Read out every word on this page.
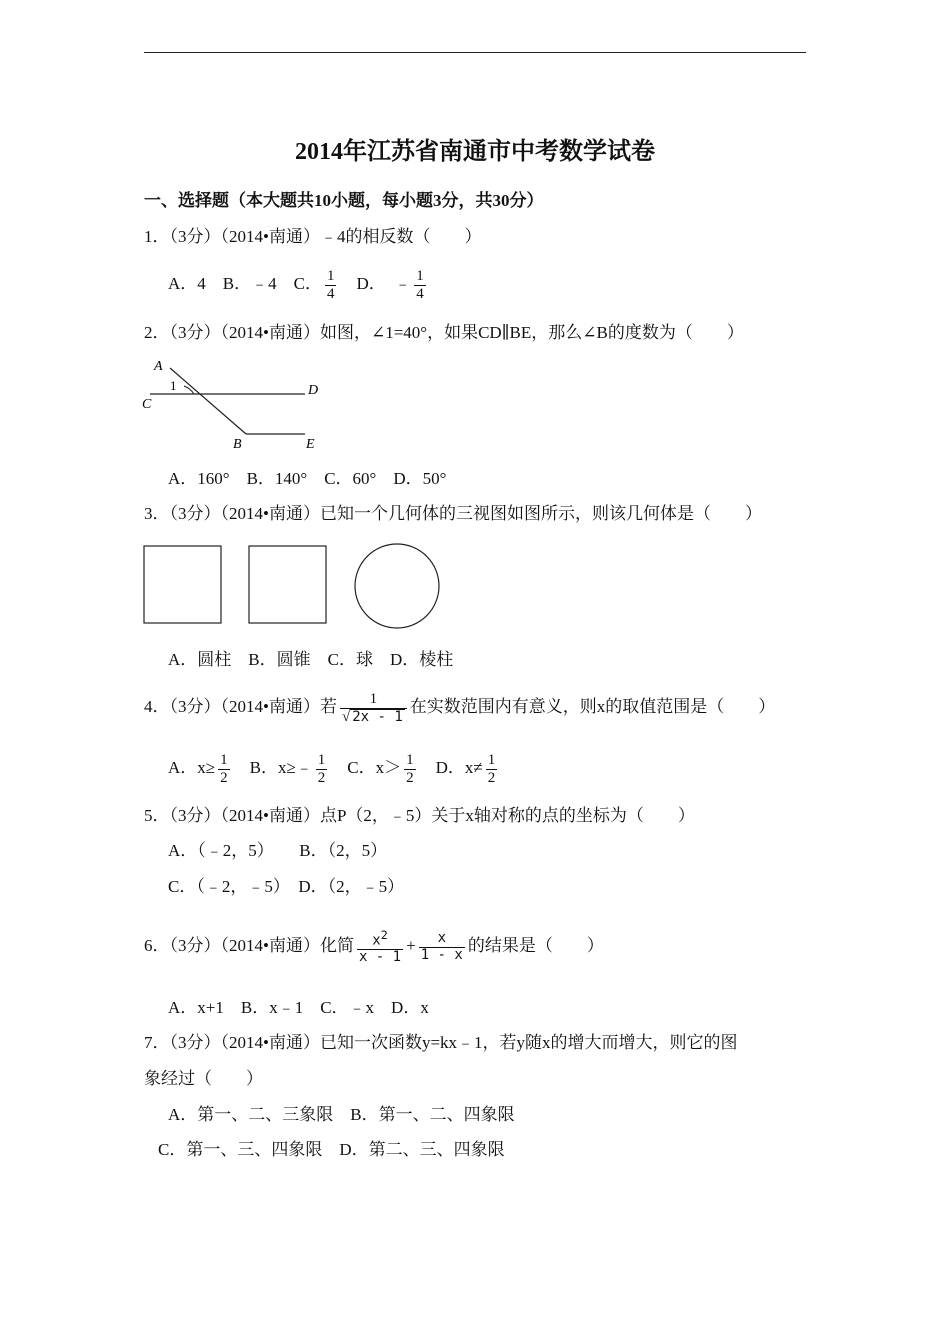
2014年江苏省南通市中考数学试卷
一、选择题（本大题共10小题，每小题3分，共30分）
1．（3分）（2014•南通）﹣4的相反数（　　）
A．4 B．﹣4 C． $\frac{1}{4}$ D． ﹣ $\frac{1}{4}$
2．（3分）（2014•南通）如图，∠1=40°，如果CD∥BE，那么∠B的度数为（　　）
A
1
C
D
B	E
A．160°　B．140°　C．60°　D．50°
3．（3分）（2014•南通）已知一个几何体的三视图如图所示，则该几何体是（　　）
A．圆柱　B．圆锥　C．球　D．棱柱
4．（3分）（2014•南通）若 $\frac{1}{√ 2x - 1}$ 在实数范围内有意义，则x的取值范围是（　　）
A．$x\ge \frac{1}{2}$ B．x≥﹣ $\frac{1}{2}$ C．$x> \frac{1}{2}$ D．$x\ne \frac{1}{2}$
5．（3分）（2014•南通）点P（2，﹣5）关于x轴对称的点的坐标为（　　）
A．（﹣2，5）　　B．（2，5）
C．（﹣2，﹣5）　D．（2，﹣5）
6．（3分）（2014•南通）化简 $\frac{x^2}{x - 1} + \frac{x}{1 - x}$ 的结果是（　　）
A．x+1　B．x﹣1　C．﹣x　D．x
7．（3分）（2014•南通）已知一次函数y=kx﹣1，若y随x的增大而增大，则它的图
象经过（　　）
A．第一、二、三象限　B．第一、二、四象限
C．第一、三、四象限　D．第二、三、四象限
